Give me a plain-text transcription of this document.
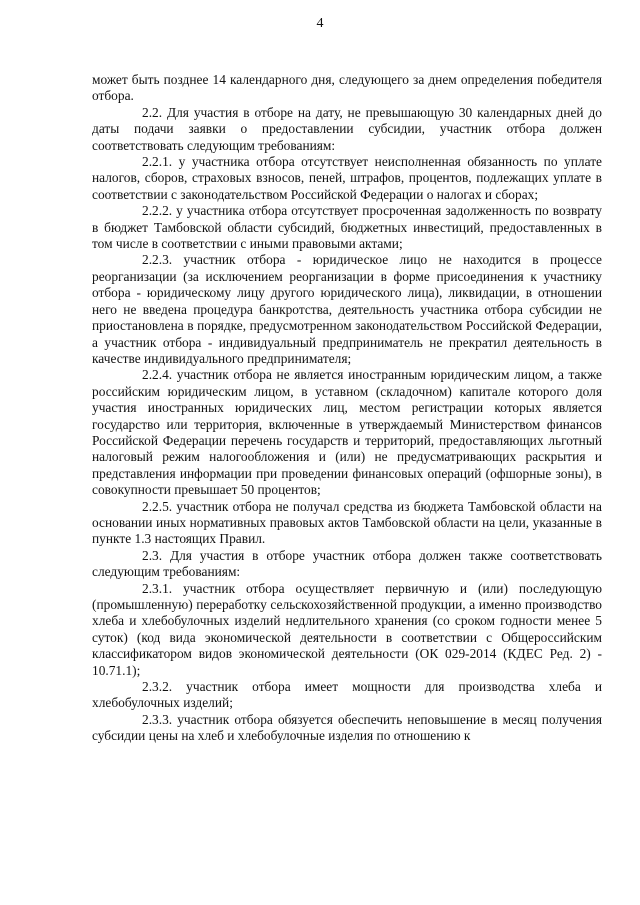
4

может быть позднее 14 календарного дня, следующего за днем определения победителя отбора.

2.2. Для участия в отборе на дату, не превышающую 30 календарных дней до даты подачи заявки о предоставлении субсидии, участник отбора должен соответствовать следующим требованиям:

2.2.1. у участника отбора отсутствует неисполненная обязанность по уплате налогов, сборов, страховых взносов, пеней, штрафов, процентов, подлежащих уплате в соответствии с законодательством Российской Федерации о налогах и сборах;

2.2.2. у участника отбора отсутствует просроченная задолженность по возврату в бюджет Тамбовской области субсидий, бюджетных инвестиций, предоставленных в том числе в соответствии с иными правовыми актами;

2.2.3. участник отбора - юридическое лицо не находится в процессе реорганизации (за исключением реорганизации в форме присоединения к участнику отбора - юридическому лицу другого юридического лица), ликвидации, в отношении него не введена процедура банкротства, деятельность участника отбора субсидии не приостановлена в порядке, предусмотренном законодательством Российской Федерации, а участник отбора - индивидуальный предприниматель не прекратил деятельность в качестве индивидуального предпринимателя;

2.2.4. участник отбора не является иностранным юридическим лицом, а также российским юридическим лицом, в уставном (складочном) капитале которого доля участия иностранных юридических лиц, местом регистрации которых является государство или территория, включенные в утверждаемый Министерством финансов Российской Федерации перечень государств и территорий, предоставляющих льготный налоговый режим налогообложения и (или) не предусматривающих раскрытия и представления информации при проведении финансовых операций (офшорные зоны), в совокупности превышает 50 процентов;

2.2.5. участник отбора не получал средства из бюджета Тамбовской области на основании иных нормативных правовых актов Тамбовской области на цели, указанные в пункте 1.3 настоящих Правил.

2.3. Для участия в отборе участник отбора должен также соответствовать следующим требованиям:

2.3.1. участник отбора осуществляет первичную и (или) последующую (промышленную) переработку сельскохозяйственной продукции, а именно производство хлеба и хлебобулочных изделий недлительного хранения (со сроком годности менее 5 суток) (код вида экономической деятельности в соответствии с Общероссийским классификатором видов экономической деятельности (ОК 029-2014 (КДЕС Ред. 2) - 10.71.1);

2.3.2. участник отбора имеет мощности для производства хлеба и хлебобулочных изделий;

2.3.3. участник отбора обязуется обеспечить неповышение в месяц получения субсидии цены на хлеб и хлебобулочные изделия по отношению к
